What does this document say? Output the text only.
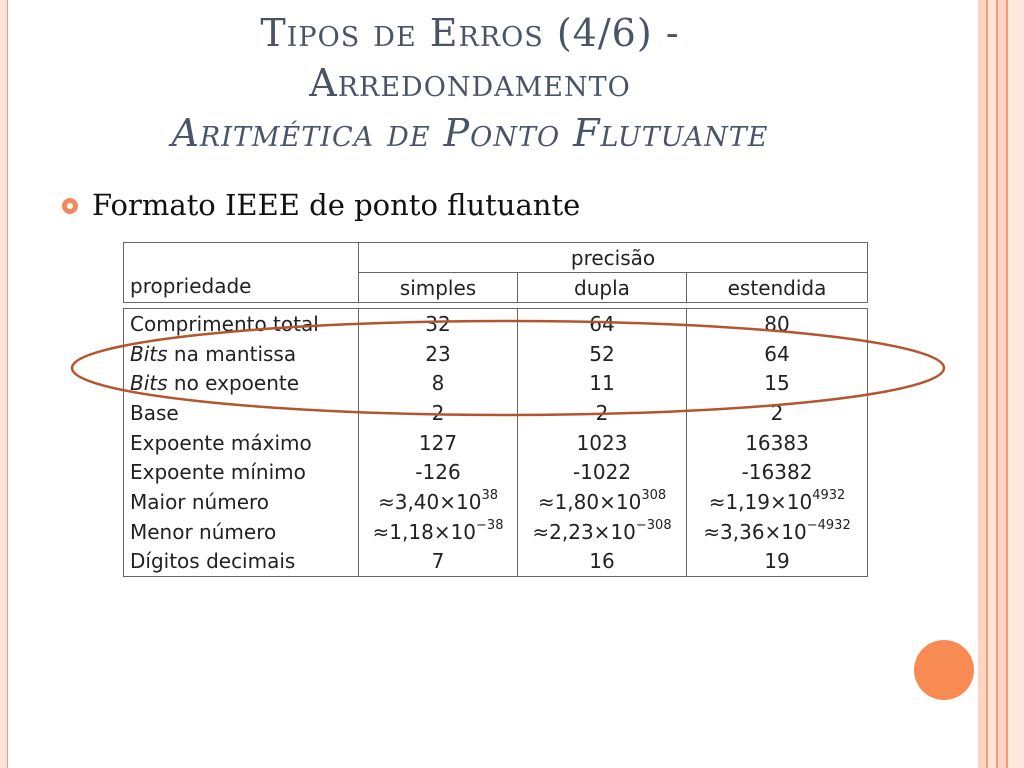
Tipos de Erros (4/6) -
Arredondamento
Aritmética de Ponto Flutuante
Formato IEEE de ponto flutuante
propriedade	precisão		
	simples	dupla	estendida
Comprimento total	32	64	80
Bits na mantissa	23	52	64
Bits no expoente	8	11	15
Base	2	2	2
Expoente máximo	127	1023	16383
Expoente mínimo	-126	-1022	-16382
Maior número	$\approx 3,40\times 10^{38}$	$\approx 1,80\times 10^{308}$	$\approx 1,19\times 10^{4932}$
Menor número	$\approx 1,18\times 10^{-38}$	$\approx 2,23\times 10^{-308}$	$\approx 3,36\times 10^{-4932}$
Dígitos decimais	7	16	19
